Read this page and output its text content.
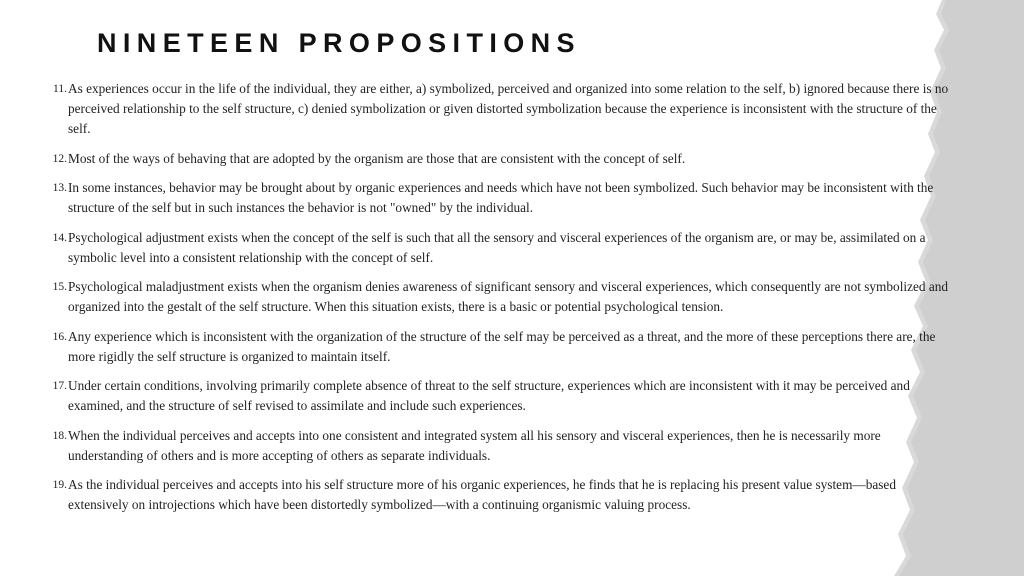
NINETEEN PROPOSITIONS
11. As experiences occur in the life of the individual, they are either, a) symbolized, perceived and organized into some relation to the self, b) ignored because there is no perceived relationship to the self structure, c) denied symbolization or given distorted symbolization because the experience is inconsistent with the structure of the self.
12. Most of the ways of behaving that are adopted by the organism are those that are consistent with the concept of self.
13. In some instances, behavior may be brought about by organic experiences and needs which have not been symbolized. Such behavior may be inconsistent with the structure of the self but in such instances the behavior is not "owned" by the individual.
14. Psychological adjustment exists when the concept of the self is such that all the sensory and visceral experiences of the organism are, or may be, assimilated on a symbolic level into a consistent relationship with the concept of self.
15. Psychological maladjustment exists when the organism denies awareness of significant sensory and visceral experiences, which consequently are not symbolized and organized into the gestalt of the self structure. When this situation exists, there is a basic or potential psychological tension.
16. Any experience which is inconsistent with the organization of the structure of the self may be perceived as a threat, and the more of these perceptions there are, the more rigidly the self structure is organized to maintain itself.
17. Under certain conditions, involving primarily complete absence of threat to the self structure, experiences which are inconsistent with it may be perceived and examined, and the structure of self revised to assimilate and include such experiences.
18. When the individual perceives and accepts into one consistent and integrated system all his sensory and visceral experiences, then he is necessarily more understanding of others and is more accepting of others as separate individuals.
19. As the individual perceives and accepts into his self structure more of his organic experiences, he finds that he is replacing his present value system—based extensively on introjections which have been distortedly symbolized—with a continuing organismic valuing process.
